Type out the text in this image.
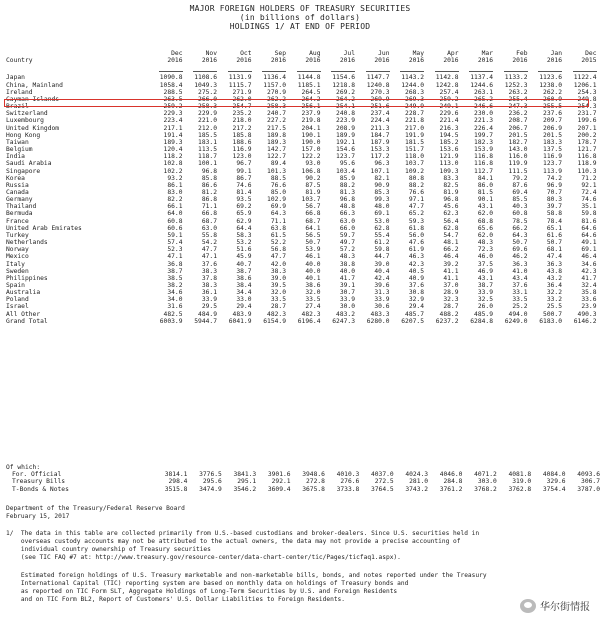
MAJOR FOREIGN HOLDERS OF TREASURY SECURITIES
(in billions of dollars)
HOLDINGS 1/ AT END OF PERIOD
	Dec	Nov	Oct	Sep	Aug	Jul	Jun	May	Apr	Mar	Feb	Jan	Dec
Country	2016	2016	2016	2016	2016	2016	2016	2016	2016	2016	2016	2016	2015

Japan	1090.8	1108.6	1131.9	1136.4	1144.8	1154.6	1147.7	1143.2	1142.8	1137.4	1133.2	1123.6	1122.4
China, Mainland	1058.4	1049.3	1115.7	1157.0	1185.1	1218.8	1240.8	1244.0	1242.8	1244.6	1252.3	1238.0	1206.1
Ireland	288.5	275.2	271.9	270.9	264.5	269.2	270.3	268.3	257.4	263.1	263.2	262.2	254.3
Cayman Islands	263.5	266.0	262.0	262.2	264.2	264.2	269.9	269.3	259.2	265.2	255.4	260.9	249.8
Brazil	259.2	258.3	254.7	258.3	256.1	254.1	251.6	249.9	249.1	246.6	247.3	255.5	254.3
Switzerland	229.3	229.9	235.2	240.7	237.9	240.8	237.4	228.7	229.6	230.0	236.2	237.6	231.7
Luxembourg	223.4	221.0	218.0	227.2	219.8	223.9	224.4	221.8	221.4	221.3	208.7	209.7	199.6
United Kingdom	217.1	212.0	217.2	217.5	204.1	208.9	211.3	217.0	216.3	226.4	206.7	206.9	207.1
Hong Kong	191.4	185.5	185.8	189.8	190.1	189.9	184.7	191.9	194.5	199.7	201.5	201.5	200.2
Taiwan	189.3	183.1	188.6	189.3	190.0	192.1	187.9	181.5	185.2	182.3	182.7	183.3	178.7
Belgium	120.4	113.5	116.9	142.7	157.0	154.6	153.3	151.7	153.6	153.9	143.0	137.5	121.7
India	118.2	118.7	123.0	122.7	122.2	123.7	117.2	118.0	121.9	116.8	116.0	116.9	116.8
Saudi Arabia	102.8	100.1	96.7	89.4	93.0	95.6	96.3	103.7	113.0	116.8	119.9	123.7	118.9
Singapore	102.2	96.8	99.1	101.3	106.8	103.4	107.1	109.2	109.3	112.7	111.5	113.9	110.3
Korea	93.2	85.8	86.7	88.5	90.2	85.9	82.1	80.8	83.3	84.1	79.2	74.2	71.2
Russia	86.1	86.6	74.6	76.6	87.5	88.2	90.9	88.2	82.5	86.0	87.6	96.9	92.1
Canada	83.0	81.2	81.4	85.0	81.9	81.3	85.3	76.6	81.9	81.5	69.4	70.7	72.4
Germany	82.2	86.8	93.5	102.9	103.7	96.8	99.3	97.1	96.8	90.1	85.5	80.3	74.6
Thailand	66.1	71.1	69.2	69.9	56.7	48.8	48.0	47.7	45.6	43.1	40.3	39.7	35.1
Bermuda	64.0	66.8	65.9	64.3	66.8	66.3	69.1	65.2	62.3	62.0	60.8	58.8	59.8
France	60.8	68.7	62.9	71.1	68.7	63.0	53.0	59.3	56.4	68.8	78.5	78.4	81.6
United Arab Emirates	60.6	63.0	64.4	63.8	64.1	66.0	62.8	61.8	62.8	65.6	66.2	65.1	64.6
Turkey	59.1	55.8	58.3	61.5	56.5	59.7	55.4	56.0	54.7	62.0	64.3	61.6	64.6
Netherlands	57.4	54.2	53.2	52.2	50.7	49.7	61.2	47.6	48.1	48.3	50.7	50.7	49.1
Norway	52.3	47.7	51.6	56.8	53.9	57.2	59.8	61.9	66.2	72.3	69.6	68.1	69.1
Mexico	47.1	47.1	45.9	47.7	46.1	48.3	44.7	46.3	46.4	46.0	46.2	47.4	46.4
Italy	36.8	37.6	40.7	42.0	40.0	38.8	39.0	42.3	39.2	37.5	36.3	36.3	34.6
Sweden	38.7	38.3	38.7	38.3	40.0	40.0	40.4	40.5	41.1	46.9	41.0	43.8	42.3
Philippines	38.5	37.8	38.6	39.0	40.1	41.7	42.4	40.9	41.1	43.1	43.4	43.2	41.7
Spain	38.2	38.3	38.4	39.5	38.6	39.1	39.6	37.6	37.0	38.7	37.6	36.4	32.4
Australia	34.6	36.1	34.4	32.0	32.0	30.7	31.3	30.8	28.9	33.9	33.1	32.2	35.8
Poland	34.0	33.9	33.0	33.5	33.5	33.9	33.9	32.9	32.3	32.5	33.5	33.2	33.6
Israel	31.6	29.5	29.4	28.7	27.4	30.0	30.6	29.4	28.7	26.0	25.2	25.5	23.9
All Other	482.5	484.9	483.9	482.3	482.3	483.2	483.3	485.7	488.2	485.9	494.0	500.7	490.3
Grand Total	6003.9	5944.7	6041.9	6154.9	6196.4	6247.3	6280.0	6207.5	6237.2	6284.8	6249.0	6183.0	6146.2
Of which:													
For. Official	3814.1	3776.5	3841.3	3901.6	3948.6	4010.3	4037.0	4024.3	4046.0	4071.2	4081.8	4084.0	4093.6
Treasury Bills	298.4	295.6	295.1	292.1	272.8	276.6	272.5	281.0	284.8	303.0	319.0	329.6	306.7
T-Bonds & Notes	3515.8	3474.9	3546.2	3609.4	3675.8	3733.8	3764.5	3743.2	3761.2	3768.2	3762.8	3754.4	3787.0
Department of the Treasury/Federal Reserve Board
February 15, 2017
1/  The data in this table are collected primarily from U.S.-based custodians and broker-dealers. Since U.S. securities held in
overseas custody accounts may not be attributed to the actual owners, the data may not provide a precise accounting of
individual country ownership of Treasury securities
(see TIC FAQ #7 at: http://www.treasury.gov/resource-center/data-chart-center/tic/Pages/ticfaq1.aspx).
Estimated foreign holdings of U.S. Treasury marketable and non-marketable bills, bonds, and notes reported under the Treasury
International Capital (TIC) reporting system are based on monthly data on holdings of Treasury bonds and
as reported on TIC Form SLT, Aggregate Holdings of Long-Term Securities by U.S. and Foreign Residents
and on TIC Form BL2, Report of Customers' U.S. Dollar Liabilities to Foreign Residents.
华尔街情报
